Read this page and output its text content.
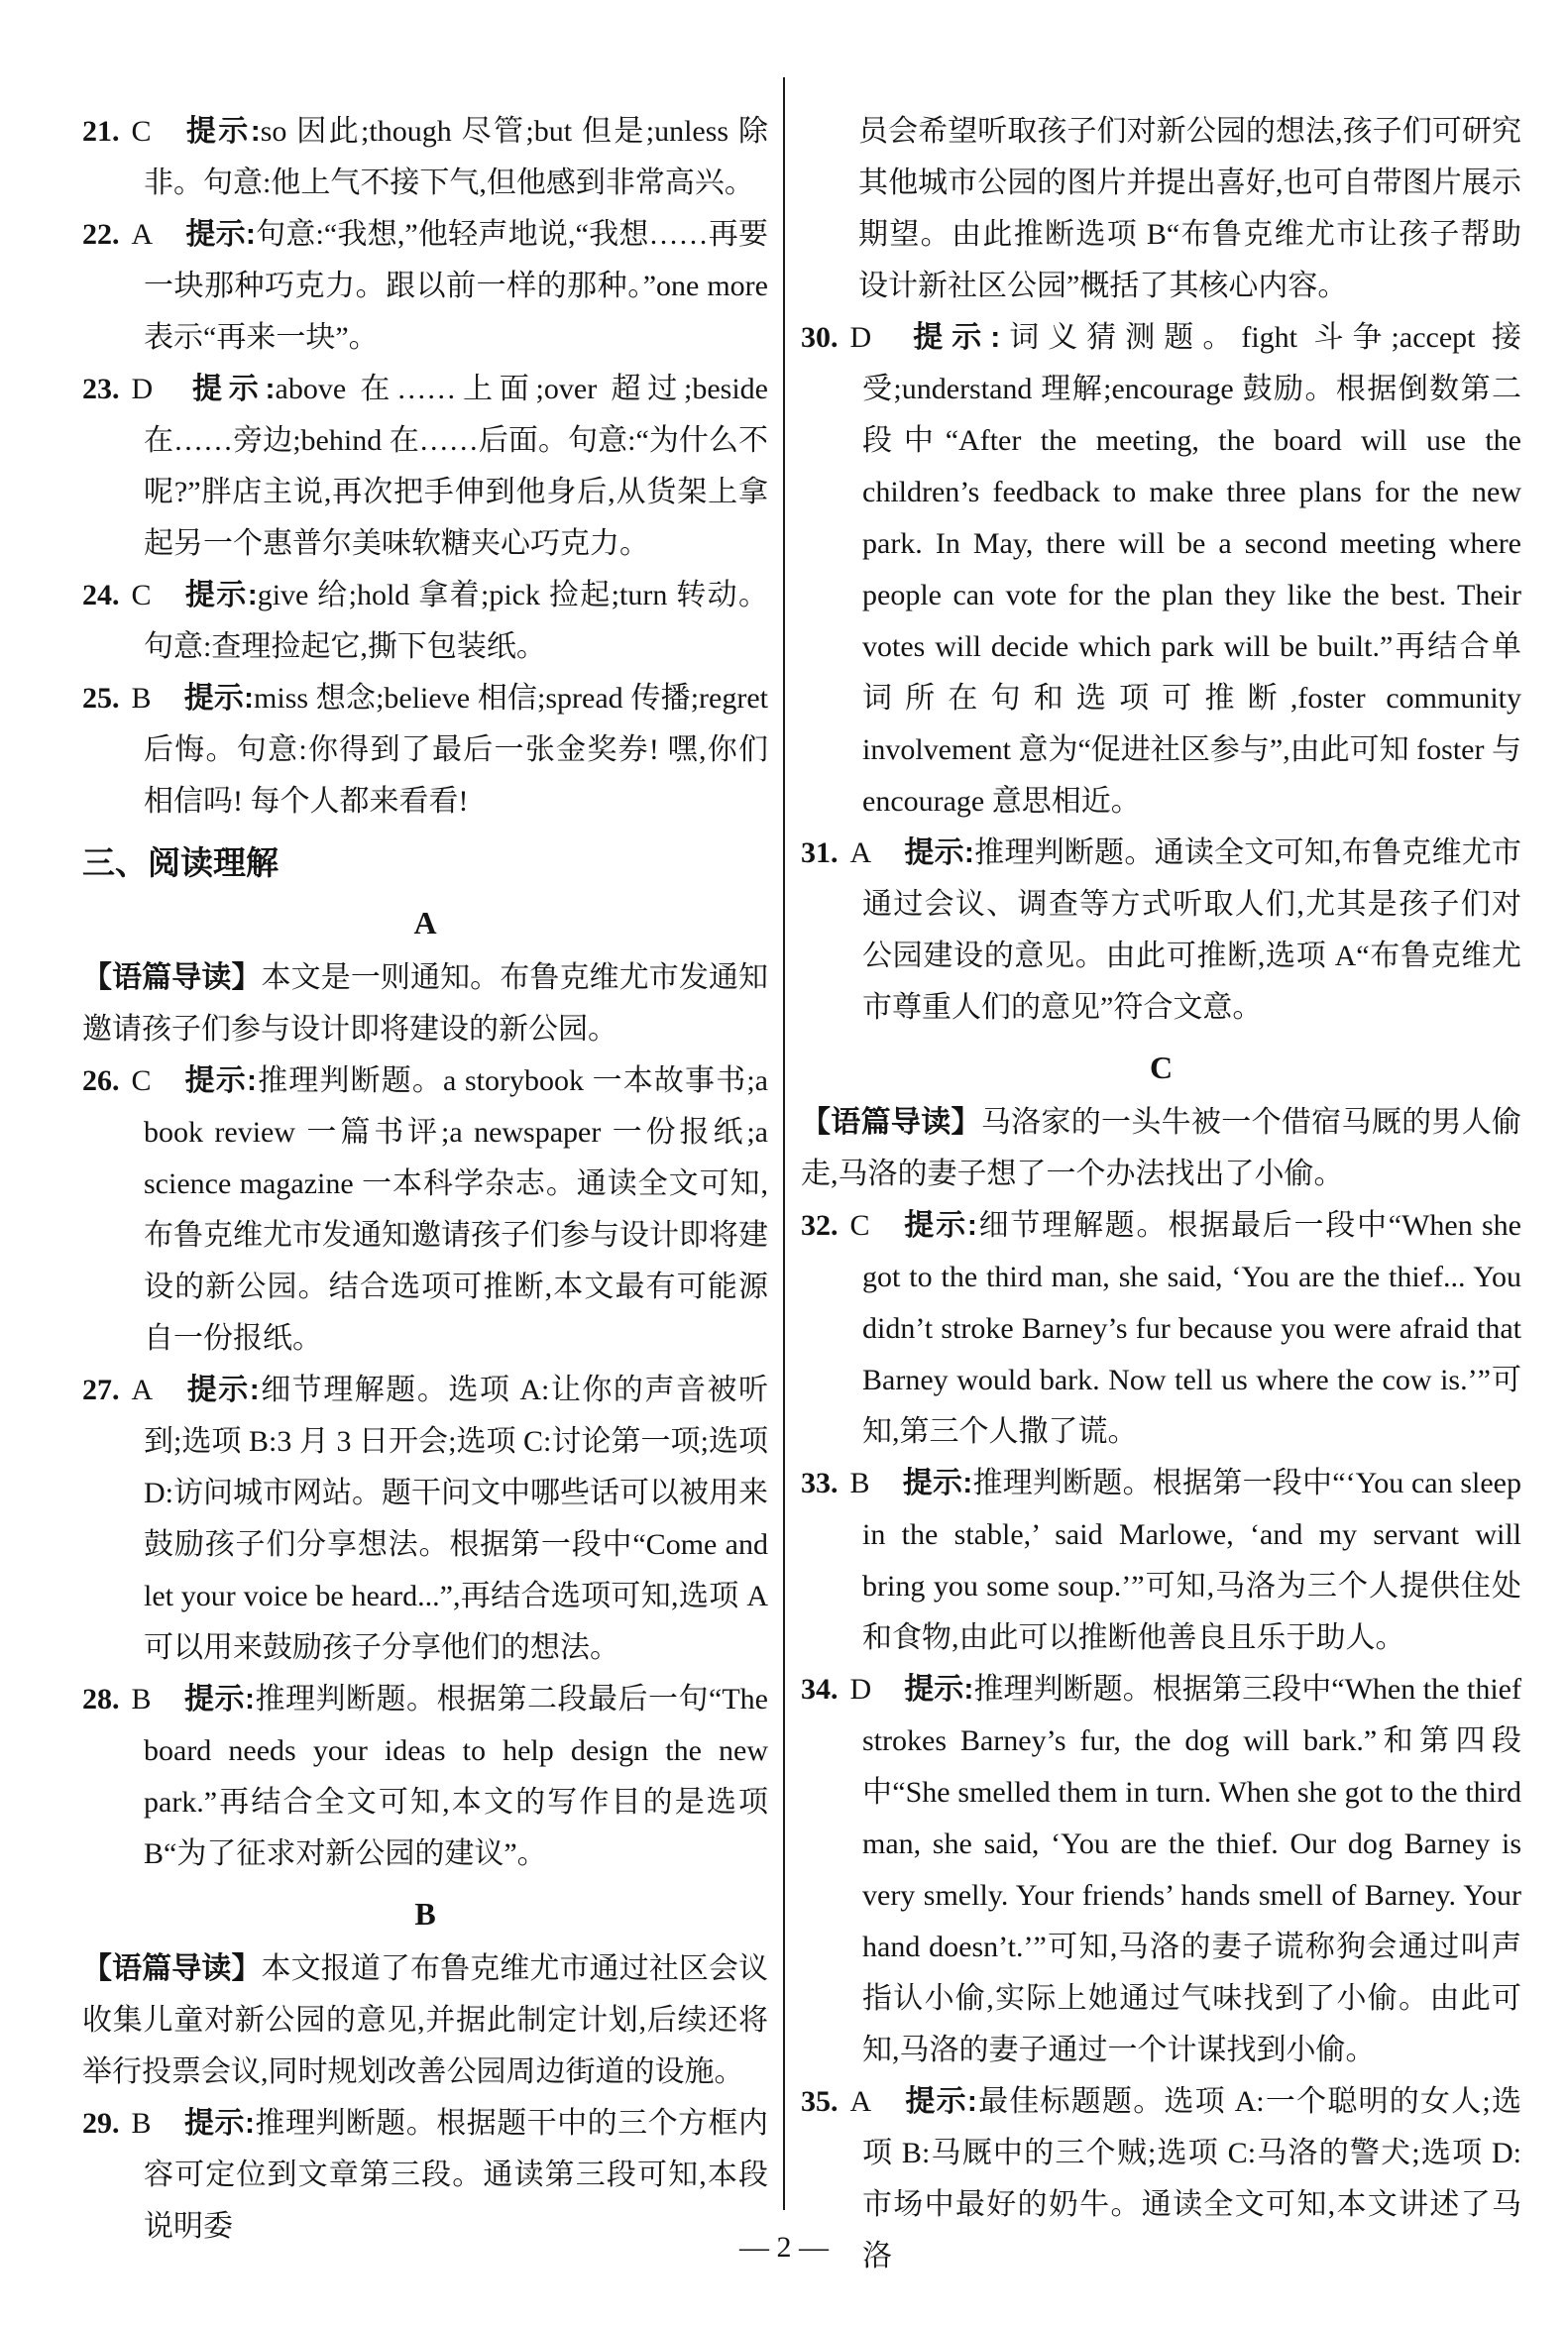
21. C 提示:so 因此;though 尽管;but 但是;unless 除非。句意:他上气不接下气,但他感到非常高兴。

22. A 提示:句意:“我想,”他轻声地说,“我想……再要一块那种巧克力。跟以前一样的那种。”one more 表示“再来一块”。

23. D 提示:above 在……上面;over 超过;beside 在……旁边;behind 在……后面。句意:“为什么不呢?”胖店主说,再次把手伸到他身后,从货架上拿起另一个惠普尔美味软糖夹心巧克力。

24. C 提示:give 给;hold 拿着;pick 捡起;turn 转动。句意:查理捡起它,撕下包装纸。

25. B 提示:miss 想念;believe 相信;spread 传播;regret 后悔。句意:你得到了最后一张金奖券! 嘿,你们相信吗! 每个人都来看看!

三、阅读理解
A

【语篇导读】本文是一则通知。布鲁克维尤市发通知邀请孩子们参与设计即将建设的新公园。

26. C 提示:推理判断题。a storybook 一本故事书;a book review 一篇书评;a newspaper 一份报纸;a science magazine 一本科学杂志。通读全文可知,布鲁克维尤市发通知邀请孩子们参与设计即将建设的新公园。结合选项可推断,本文最有可能源自一份报纸。

27. A 提示:细节理解题。选项 A:让你的声音被听到;选项 B:3 月 3 日开会;选项 C:讨论第一项;选项 D:访问城市网站。题干问文中哪些话可以被用来鼓励孩子们分享想法。根据第一段中“Come and let your voice be heard...”,再结合选项可知,选项 A 可以用来鼓励孩子分享他们的想法。

28. B 提示:推理判断题。根据第二段最后一句“The board needs your ideas to help design the new park.”再结合全文可知,本文的写作目的是选项 B“为了征求对新公园的建议”。

B

【语篇导读】本文报道了布鲁克维尤市通过社区会议收集儿童对新公园的意见,并据此制定计划,后续还将举行投票会议,同时规划改善公园周边街道的设施。

29. B 提示:推理判断题。根据题干中的三个方框内容可定位到文章第三段。通读第三段可知,本段说明委

员会希望听取孩子们对新公园的想法,孩子们可研究其他城市公园的图片并提出喜好,也可自带图片展示期望。由此推断选项 B“布鲁克维尤市让孩子帮助设计新社区公园”概括了其核心内容。

30. D 提示:词义猜测题。fight 斗争;accept 接受;understand 理解;encourage 鼓励。根据倒数第二段中“After the meeting, the board will use the children’s feedback to make three plans for the new park. In May, there will be a second meeting where people can vote for the plan they like the best. Their votes will decide which park will be built.”再结合单词所在句和选项可推断,foster community involvement 意为“促进社区参与”,由此可知 foster 与 encourage 意思相近。

31. A 提示:推理判断题。通读全文可知,布鲁克维尤市通过会议、调查等方式听取人们,尤其是孩子们对公园建设的意见。由此可推断,选项 A“布鲁克维尤市尊重人们的意见”符合文意。

C

【语篇导读】马洛家的一头牛被一个借宿马厩的男人偷走,马洛的妻子想了一个办法找出了小偷。

32. C 提示:细节理解题。根据最后一段中“When she got to the third man, she said, ‘You are the thief... You didn’t stroke Barney’s fur because you were afraid that Barney would bark. Now tell us where the cow is.’”可知,第三个人撒了谎。

33. B 提示:推理判断题。根据第一段中“‘You can sleep in the stable,’ said Marlowe, ‘and my servant will bring you some soup.’”可知,马洛为三个人提供住处和食物,由此可以推断他善良且乐于助人。

34. D 提示:推理判断题。根据第三段中“When the thief strokes Barney’s fur, the dog will bark.”和第四段中“She smelled them in turn. When she got to the third man, she said, ‘You are the thief. Our dog Barney is very smelly. Your friends’ hands smell of Barney. Your hand doesn’t.’”可知,马洛的妻子谎称狗会通过叫声指认小偷,实际上她通过气味找到了小偷。由此可知,马洛的妻子通过一个计谋找到小偷。

35. A 提示:最佳标题题。选项 A:一个聪明的女人;选项 B:马厩中的三个贼;选项 C:马洛的警犬;选项 D:市场中最好的奶牛。通读全文可知,本文讲述了马洛

— 2 —
